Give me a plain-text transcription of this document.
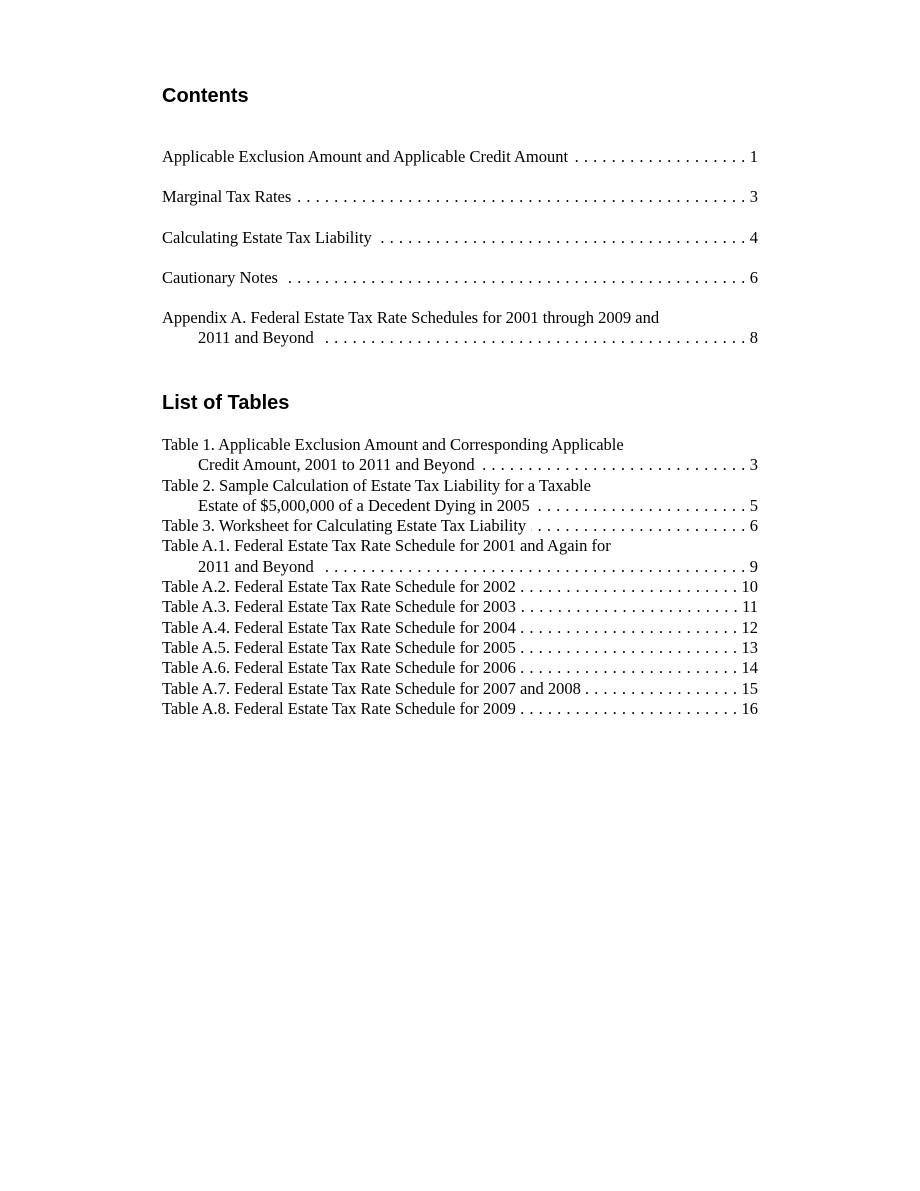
Contents
Applicable Exclusion Amount and Applicable Credit Amount . . .	1
Marginal Tax Rates . . .	3
Calculating Estate Tax Liability . . .	4
Cautionary Notes . . .	6
Appendix A. Federal Estate Tax Rate Schedules for 2001 through 2009 and
2011 and Beyond . . .	8
List of Tables
Table 1. Applicable Exclusion Amount and Corresponding Applicable
Credit Amount, 2001 to 2011 and Beyond . . .	3
Table 2. Sample Calculation of Estate Tax Liability for a Taxable
Estate of $5,000,000 of a Decedent Dying in 2005 . . .	5
Table 3. Worksheet for Calculating Estate Tax Liability . . .	6
Table A.1. Federal Estate Tax Rate Schedule for 2001 and Again for
2011 and Beyond . . .	9
Table A.2. Federal Estate Tax Rate Schedule for 2002 . . .	10
Table A.3. Federal Estate Tax Rate Schedule for 2003 . . .	11
Table A.4. Federal Estate Tax Rate Schedule for 2004 . . .	12
Table A.5. Federal Estate Tax Rate Schedule for 2005 . . .	13
Table A.6. Federal Estate Tax Rate Schedule for 2006 . . .	14
Table A.7. Federal Estate Tax Rate Schedule for 2007 and 2008 . . .	15
Table A.8. Federal Estate Tax Rate Schedule for 2009 . . .	16
